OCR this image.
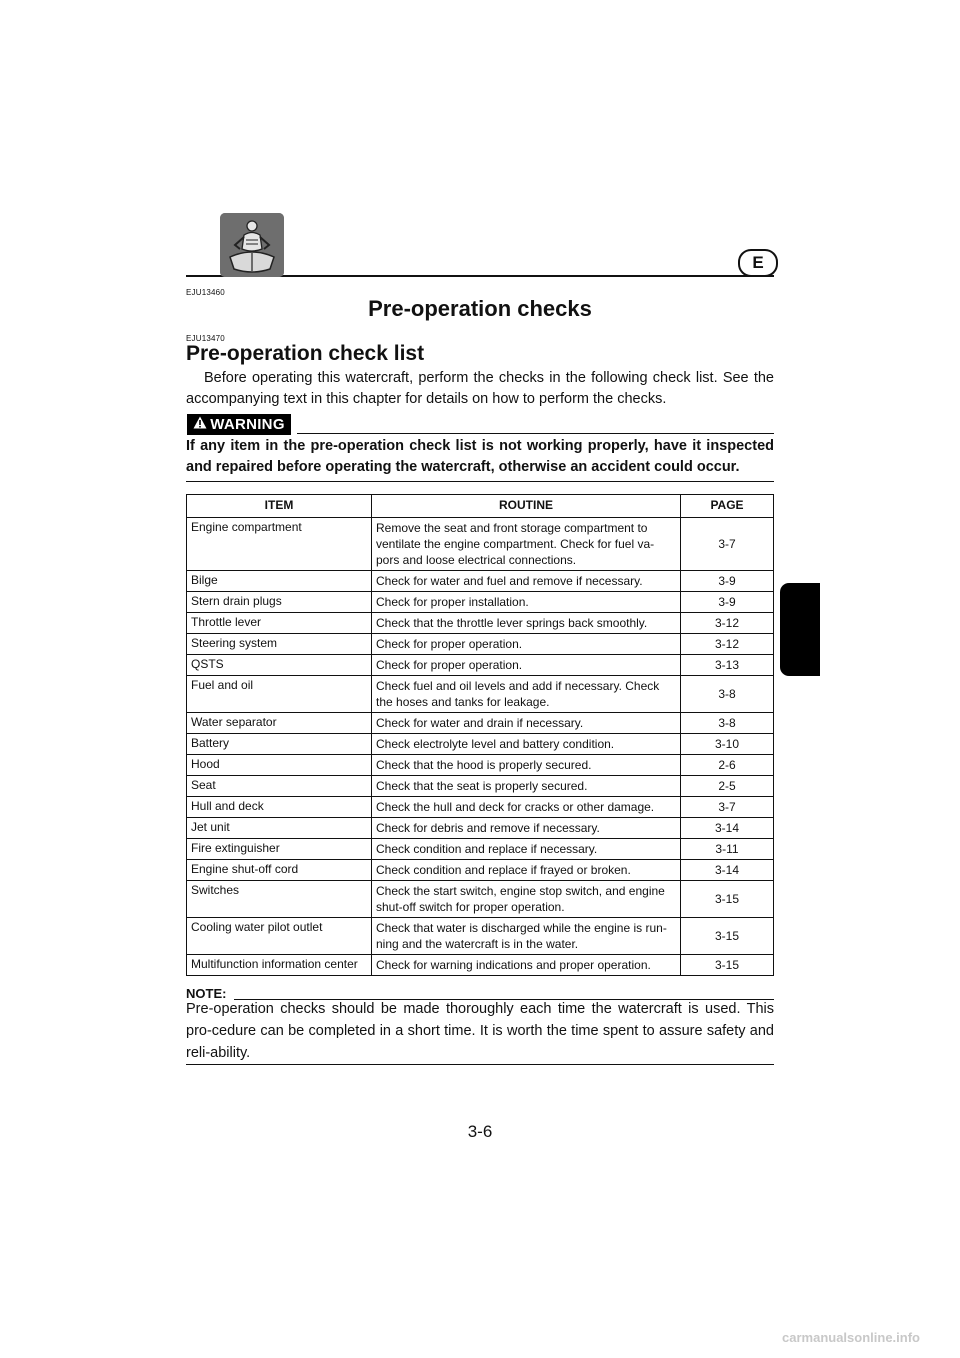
E
EJU13460
Pre-operation checks
EJU13470
Pre-operation check list
Before operating this watercraft, perform the checks in the following check list. See the accompanying text in this chapter for details on how to perform the checks.
WARNING
If any item in the pre-operation check list is not working properly, have it inspected and repaired before operating the watercraft, otherwise an accident could occur.
ITEM	ROUTINE	PAGE
Engine compartment	Remove the seat and front storage compartment to ventilate the engine compartment. Check for fuel va-pors and loose electrical connections.	3-7
Bilge	Check for water and fuel and remove if necessary.	3-9
Stern drain plugs	Check for proper installation.	3-9
Throttle lever	Check that the throttle lever springs back smoothly.	3-12
Steering system	Check for proper operation.	3-12
QSTS	Check for proper operation.	3-13
Fuel and oil	Check fuel and oil levels and add if necessary. Check the hoses and tanks for leakage.	3-8
Water separator	Check for water and drain if necessary.	3-8
Battery	Check electrolyte level and battery condition.	3-10
Hood	Check that the hood is properly secured.	2-6
Seat	Check that the seat is properly secured.	2-5
Hull and deck	Check the hull and deck for cracks or other damage.	3-7
Jet unit	Check for debris and remove if necessary.	3-14
Fire extinguisher	Check condition and replace if necessary.	3-11
Engine shut-off cord	Check condition and replace if frayed or broken.	3-14
Switches	Check the start switch, engine stop switch, and engine shut-off switch for proper operation.	3-15
Cooling water pilot outlet	Check that water is discharged while the engine is run-ning and the watercraft is in the water.	3-15
Multifunction information center	Check for warning indications and proper operation.	3-15
NOTE:
Pre-operation checks should be made thoroughly each time the watercraft is used. This pro-cedure can be completed in a short time. It is worth the time spent to assure safety and reli-ability.
3-6
carmanualsonline.info
